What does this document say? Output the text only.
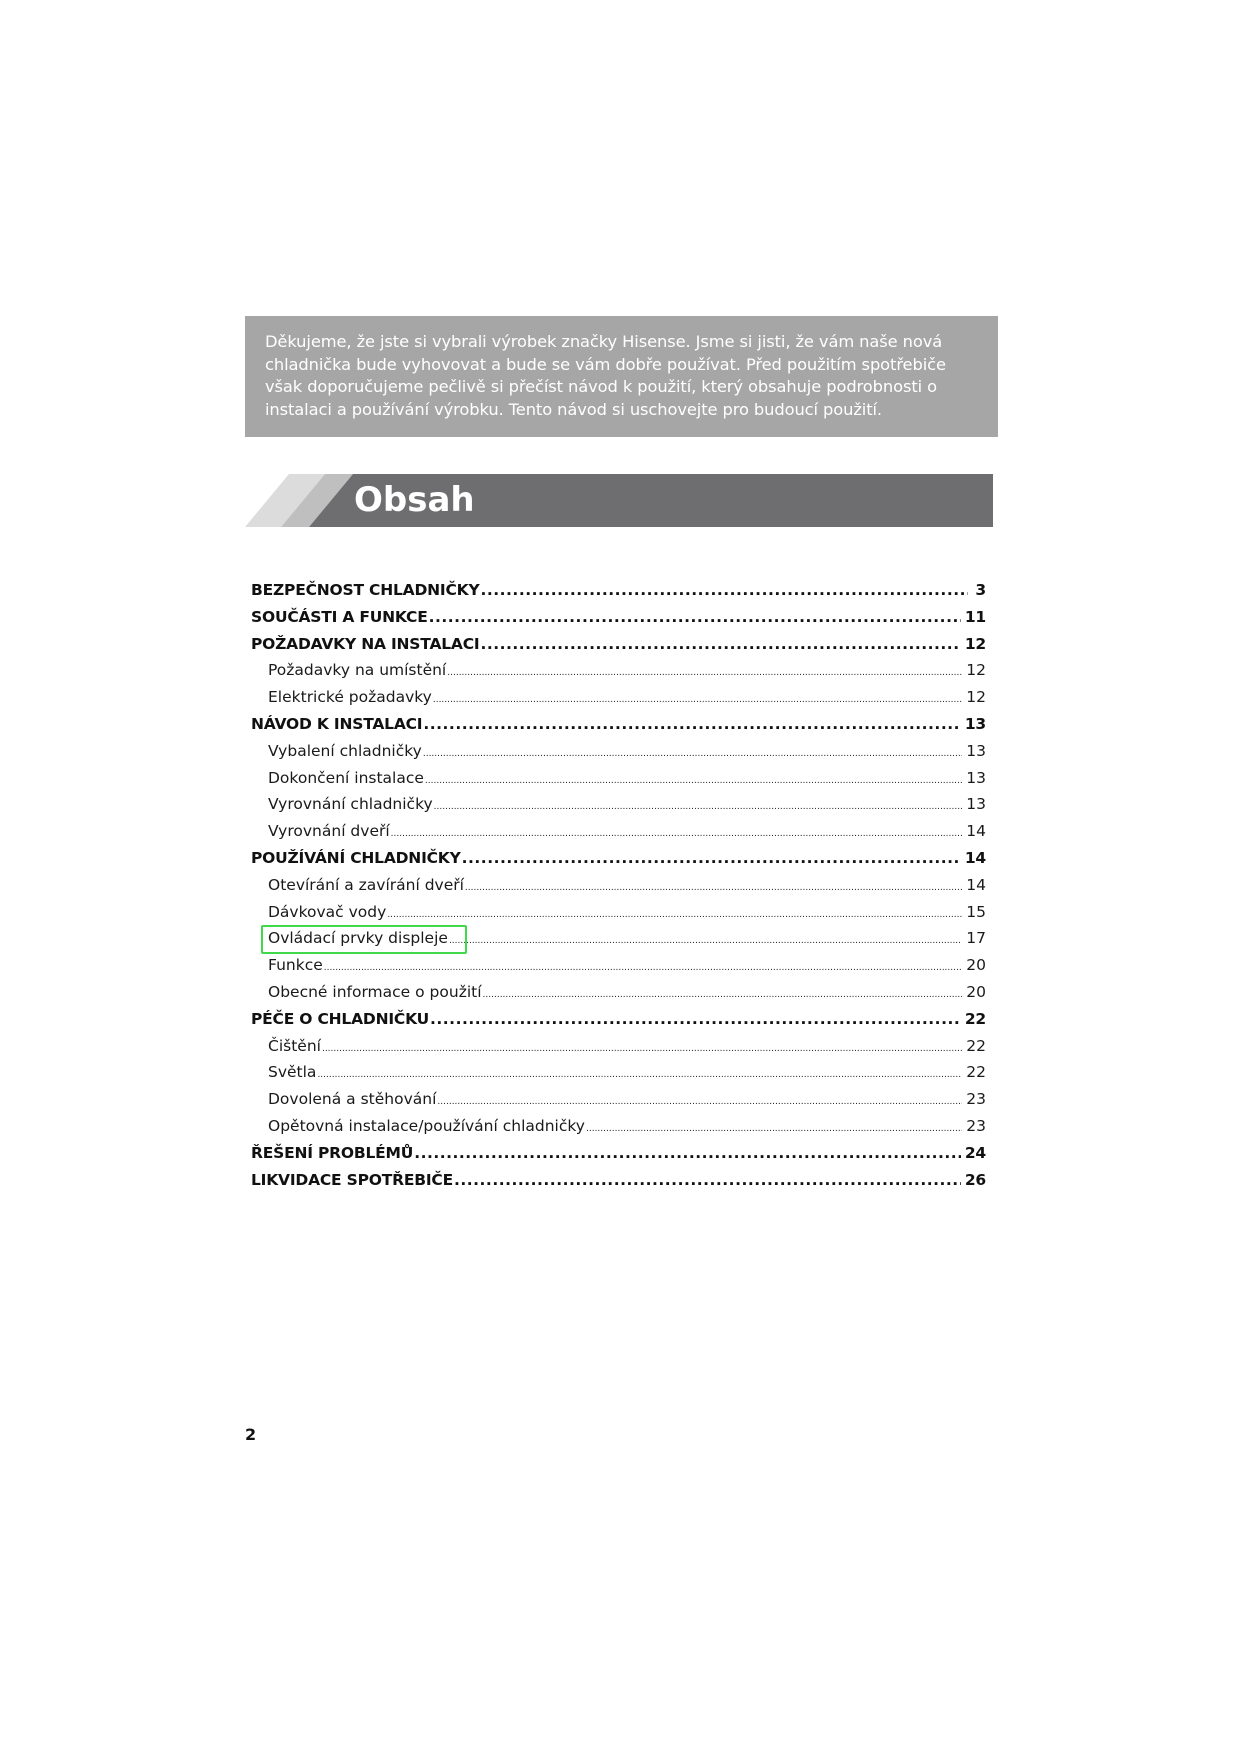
Děkujeme, že jste si vybrali výrobek značky Hisense. Jsme si jisti, že vám naše nová chladnička bude vyhovovat a bude se vám dobře používat. Před použitím spotřebiče však doporučujeme pečlivě si přečíst návod k použití, který obsahuje podrobnosti o instalaci a používání výrobku. Tento návod si uschovejte pro budoucí použití.

Obsah
BEZPEČNOST CHLADNIČKY .....	3
SOUČÁSTI A FUNKCE .....	11
POŽADAVKY NA INSTALACI .....	12
Požadavky na umístění .....	12
Elektrické požadavky .....	12
NÁVOD K INSTALACI .....	13
Vybalení chladničky .....	13
Dokončení instalace .....	13
Vyrovnání chladničky .....	13
Vyrovnání dveří .....	14
POUŽÍVÁNÍ CHLADNIČKY .....	14
Otevírání a zavírání dveří .....	14
Dávkovač vody .....	15
Ovládací prvky displeje .....	17
Funkce .....	20
Obecné informace o použití .....	20
PÉČE O CHLADNIČKU .....	22
Čištění .....	22
Světla .....	22
Dovolená a stěhování .....	23
Opětovná instalace/používání chladničky .....	23
ŘEŠENÍ PROBLÉMŮ .....	24
LIKVIDACE SPOTŘEBIČE .....	26
2
